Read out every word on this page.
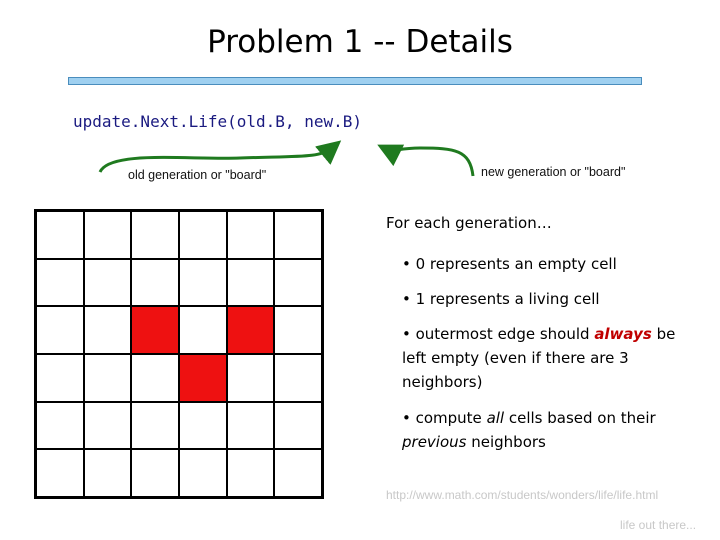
Problem 1 -- Details
update.Next.Life(old.B, new.B)
old generation or "board"	new generation or "board"
For each generation…
• 0 represents an empty cell
• 1 represents a living cell
• outermost edge should always be left empty (even if there are 3 neighbors)
• compute all cells based on their previous neighbors
http://www.math.com/students/wonders/life/life.html
life out there...
